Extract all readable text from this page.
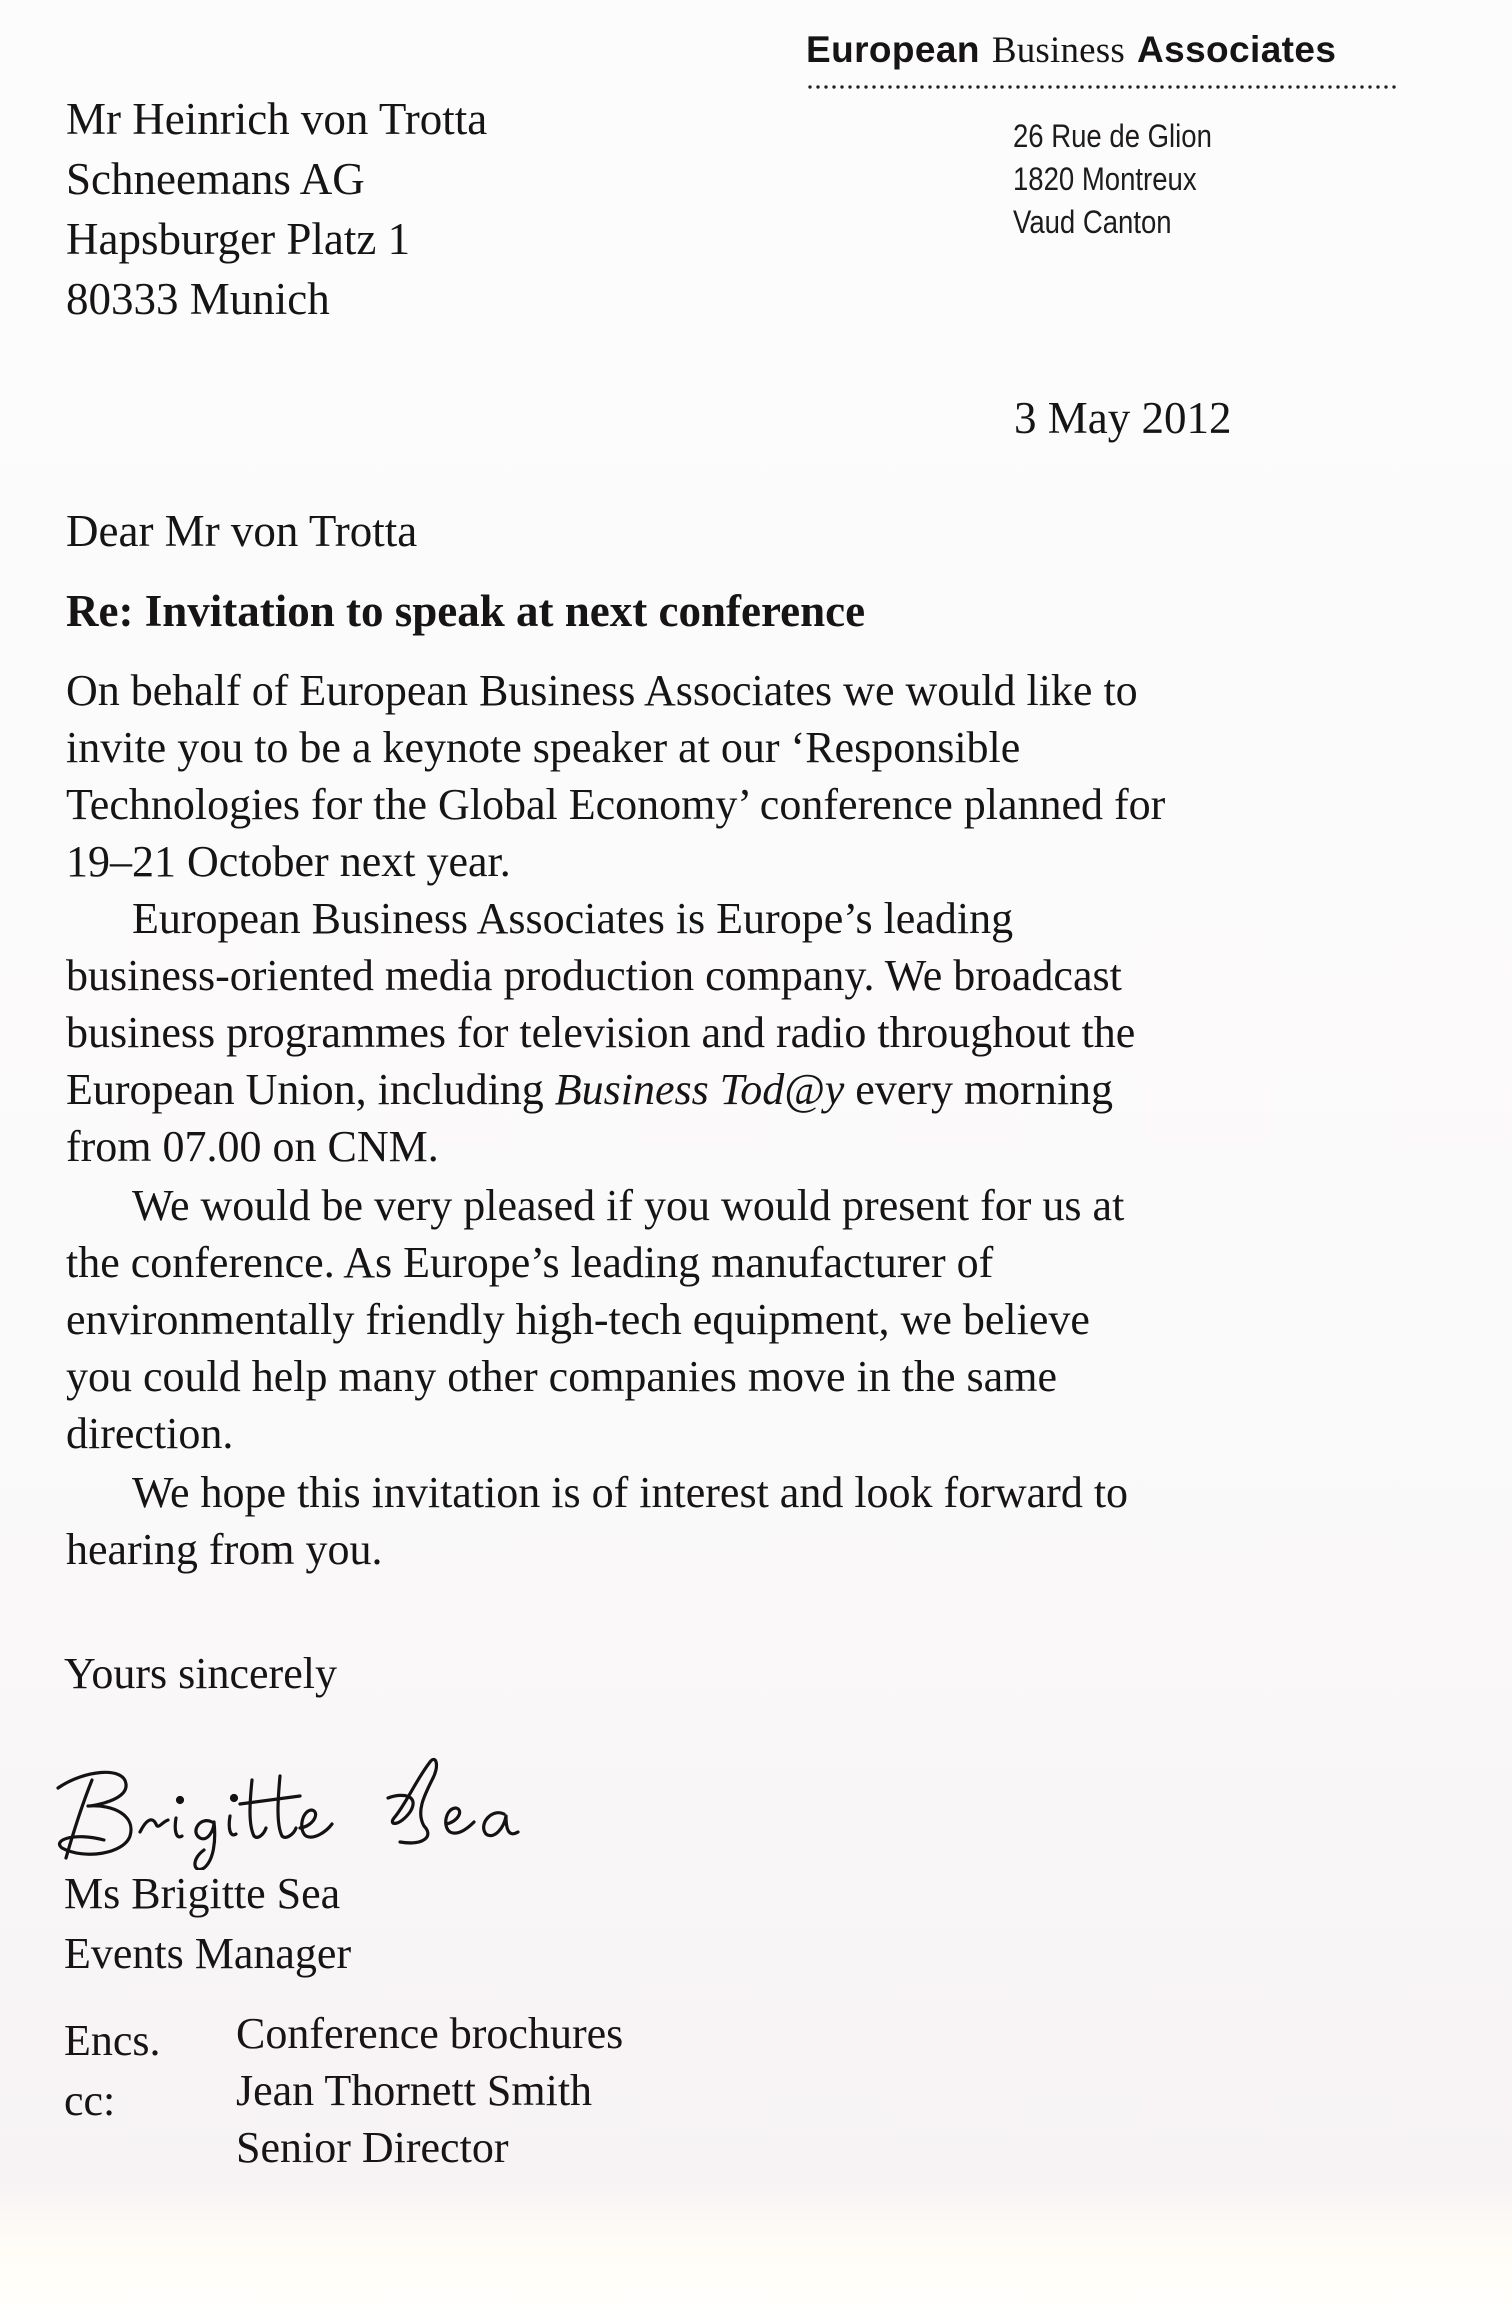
European Business Associates
26 Rue de Glion
1820 Montreux
Vaud Canton
Mr Heinrich von Trotta
Schneemans AG
Hapsburger Platz 1
80333 Munich
3 May 2012
Dear Mr von Trotta
Re: Invitation to speak at next conference
On behalf of European Business Associates we would like to
invite you to be a keynote speaker at our ‘Responsible
Technologies for the Global Economy’ conference planned for
19–21 October next year.
European Business Associates is Europe’s leading
business-oriented media production company. We broadcast
business programmes for television and radio throughout the
European Union, including Business Tod@y every morning
from 07.00 on CNM.
We would be very pleased if you would present for us at
the conference. As Europe’s leading manufacturer of
environmentally friendly high-tech equipment, we believe
you could help many other companies move in the same
direction.
We hope this invitation is of interest and look forward to
hearing from you.
Yours sincerely
Ms Brigitte Sea
Events Manager
Encs. Conference brochures
cc:	Jean Thornett Smith
Senior Director
